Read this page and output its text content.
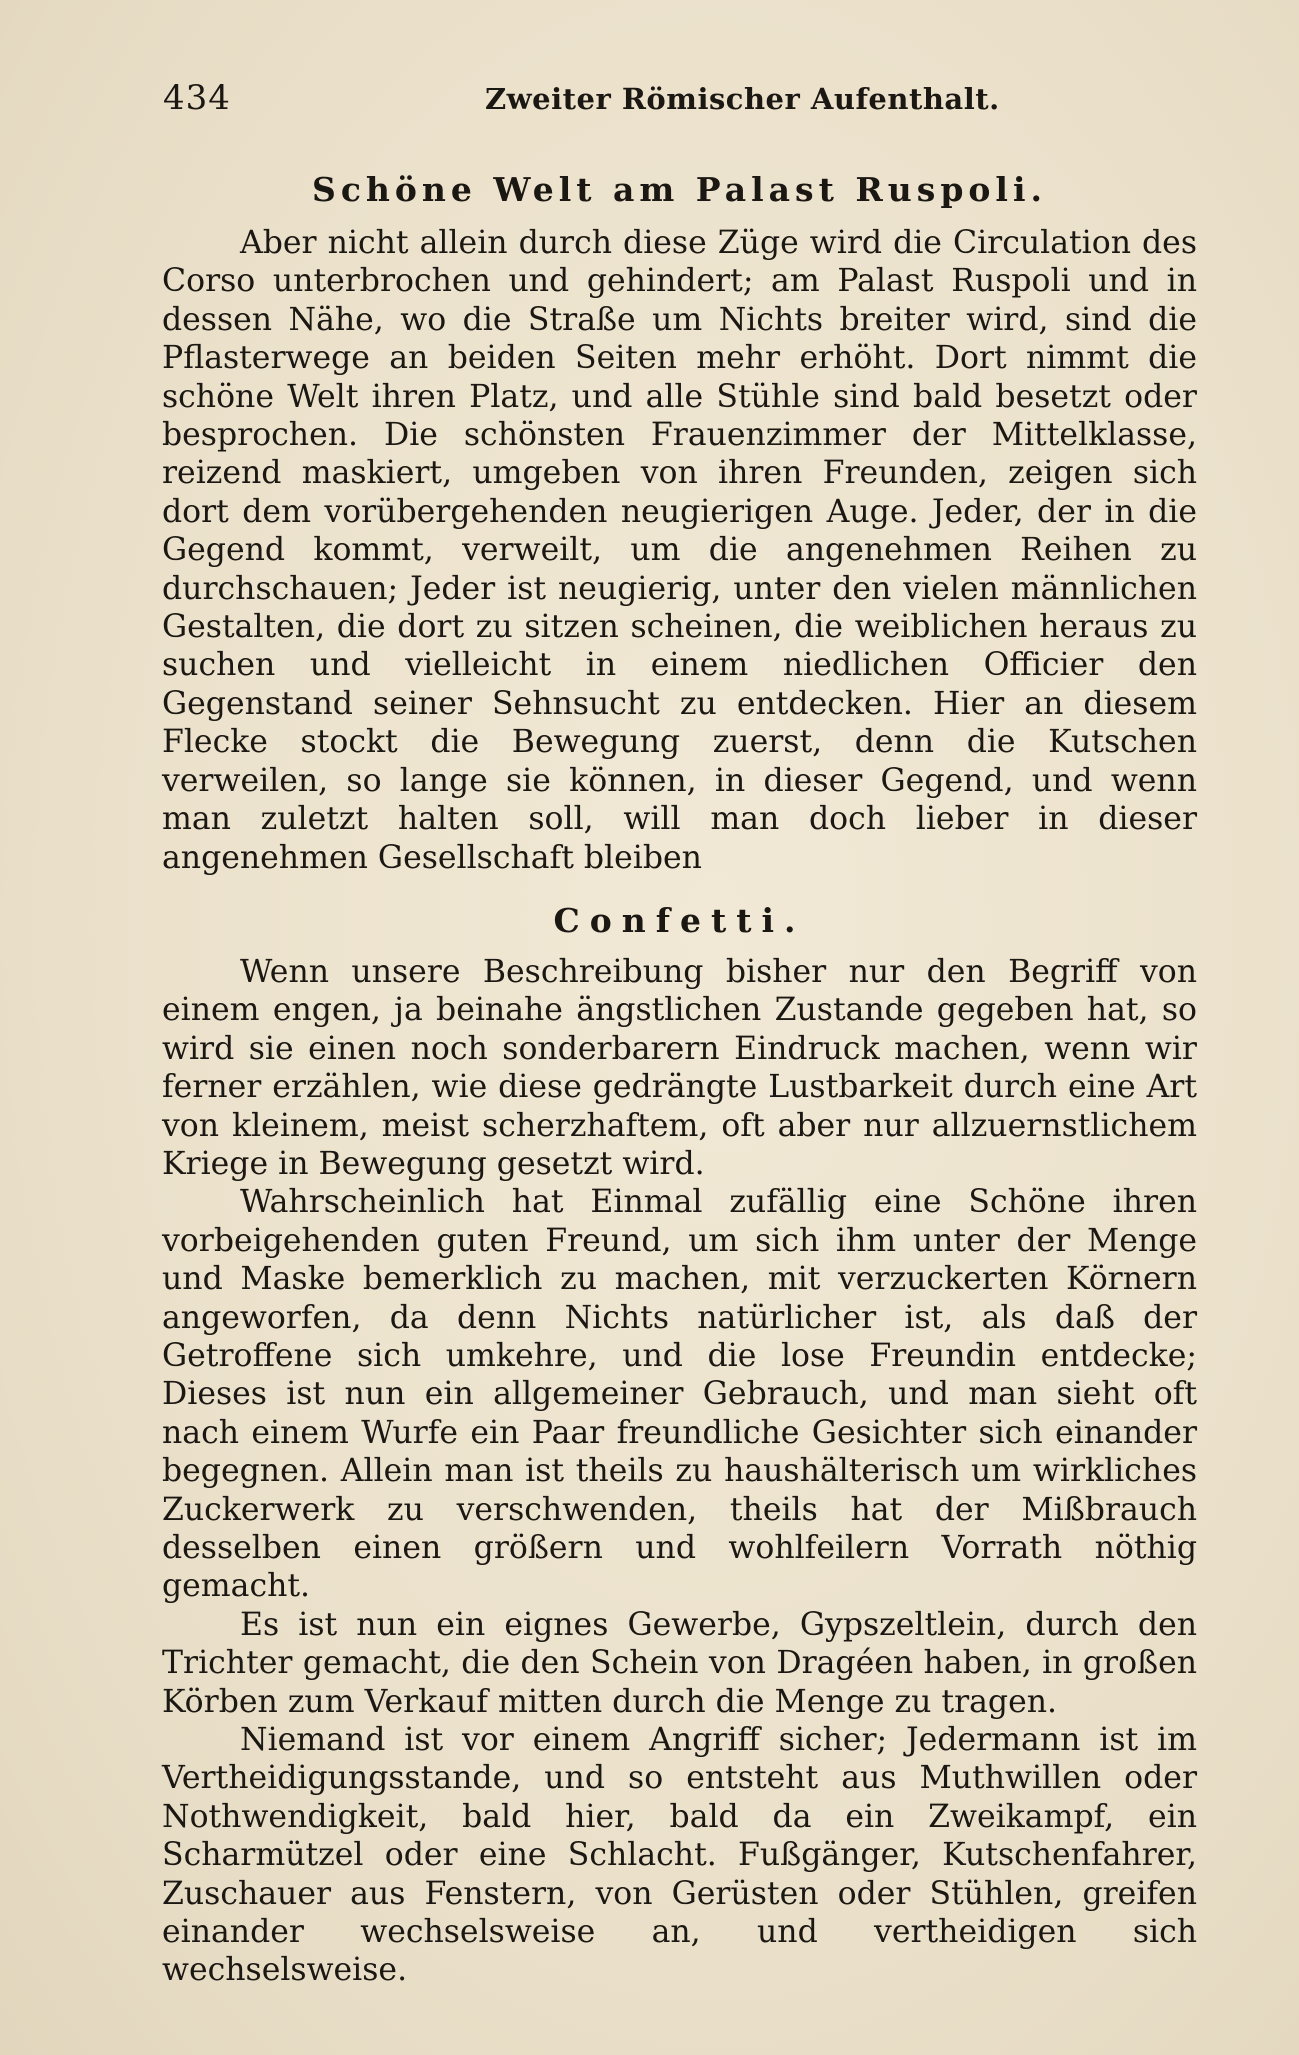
434	Zweiter Römischer Aufenthalt.
Schöne Welt am Palast Ruspoli.

Aber nicht allein durch diese Züge wird die Circulation des Corso unterbrochen und gehindert; am Palast Ruspoli und in dessen Nähe, wo die Straße um Nichts breiter wird, sind die Pflasterwege an beiden Seiten mehr erhöht. Dort nimmt die schöne Welt ihren Platz, und alle Stühle sind bald besetzt oder besprochen. Die schönsten Frauenzimmer der Mittelklasse, reizend maskiert, umgeben von ihren Freunden, zeigen sich dort dem vorübergehenden neugierigen Auge. Jeder, der in die Gegend kommt, verweilt, um die angenehmen Reihen zu durchschauen; Jeder ist neugierig, unter den vielen männlichen Gestalten, die dort zu sitzen scheinen, die weiblichen heraus zu suchen und vielleicht in einem niedlichen Officier den Gegenstand seiner Sehnsucht zu entdecken. Hier an diesem Flecke stockt die Bewegung zuerst, denn die Kutschen verweilen, so lange sie können, in dieser Gegend, und wenn man zuletzt halten soll, will man doch lieber in dieser angenehmen Gesellschaft bleiben

Confetti.

Wenn unsere Beschreibung bisher nur den Begriff von einem engen, ja beinahe ängstlichen Zustande gegeben hat, so wird sie einen noch sonderbarern Eindruck machen, wenn wir ferner erzählen, wie diese gedrängte Lustbarkeit durch eine Art von kleinem, meist scherzhaftem, oft aber nur allzuernstlichem Kriege in Bewegung gesetzt wird.

Wahrscheinlich hat Einmal zufällig eine Schöne ihren vorbeigehenden guten Freund, um sich ihm unter der Menge und Maske bemerklich zu machen, mit verzuckerten Körnern angeworfen, da denn Nichts natürlicher ist, als daß der Getroffene sich umkehre, und die lose Freundin entdecke; Dieses ist nun ein allgemeiner Gebrauch, und man sieht oft nach einem Wurfe ein Paar freundliche Gesichter sich einander begegnen. Allein man ist theils zu haushälterisch um wirkliches Zuckerwerk zu verschwenden, theils hat der Mißbrauch desselben einen größern und wohlfeilern Vorrath nöthig gemacht.

Es ist nun ein eignes Gewerbe, Gypszeltlein, durch den Trichter gemacht, die den Schein von Dragéen haben, in großen Körben zum Verkauf mitten durch die Menge zu tragen.

Niemand ist vor einem Angriff sicher; Jedermann ist im Vertheidigungsstande, und so entsteht aus Muthwillen oder Nothwendigkeit, bald hier, bald da ein Zweikampf, ein Scharmützel oder eine Schlacht. Fußgänger, Kutschenfahrer, Zuschauer aus Fenstern, von Gerüsten oder Stühlen, greifen einander wechselsweise an, und vertheidigen sich wechselsweise.
